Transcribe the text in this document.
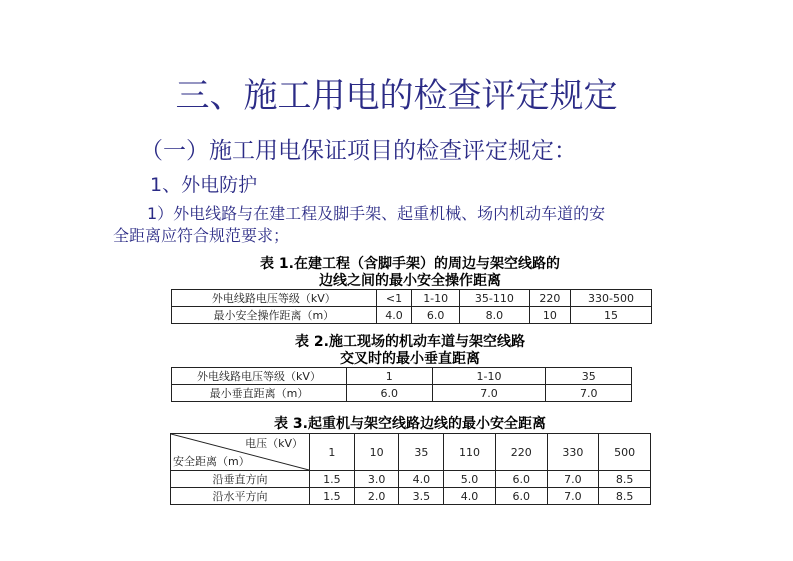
三、施工用电的检查评定规定
（一）施工用电保证项目的检查评定规定：
1、外电防护
1）外电线路与在建工程及脚手架、起重机械、场内机动车道的安
全距离应符合规范要求；
表 1.在建工程（含脚手架）的周边与架空线路的
边线之间的最小安全操作距离
外电线路电压等级（kV）	<1	1-10	35-110	220	330-500
最小安全操作距离（m）	4.0	6.0	8.0	10	15
表 2.施工现场的机动车道与架空线路
交叉时的最小垂直距离
外电线路电压等级（kV）	1	1-10	35
最小垂直距离（m）	6.0	7.0	7.0
表 3.起重机与架空线路边线的最小安全距离
电压（kV）
安全距离（m）	1	10	35	110	220	330	500
沿垂直方向	1.5	3.0	4.0	5.0	6.0	7.0	8.5
沿水平方向	1.5	2.0	3.5	4.0	6.0	7.0	8.5
